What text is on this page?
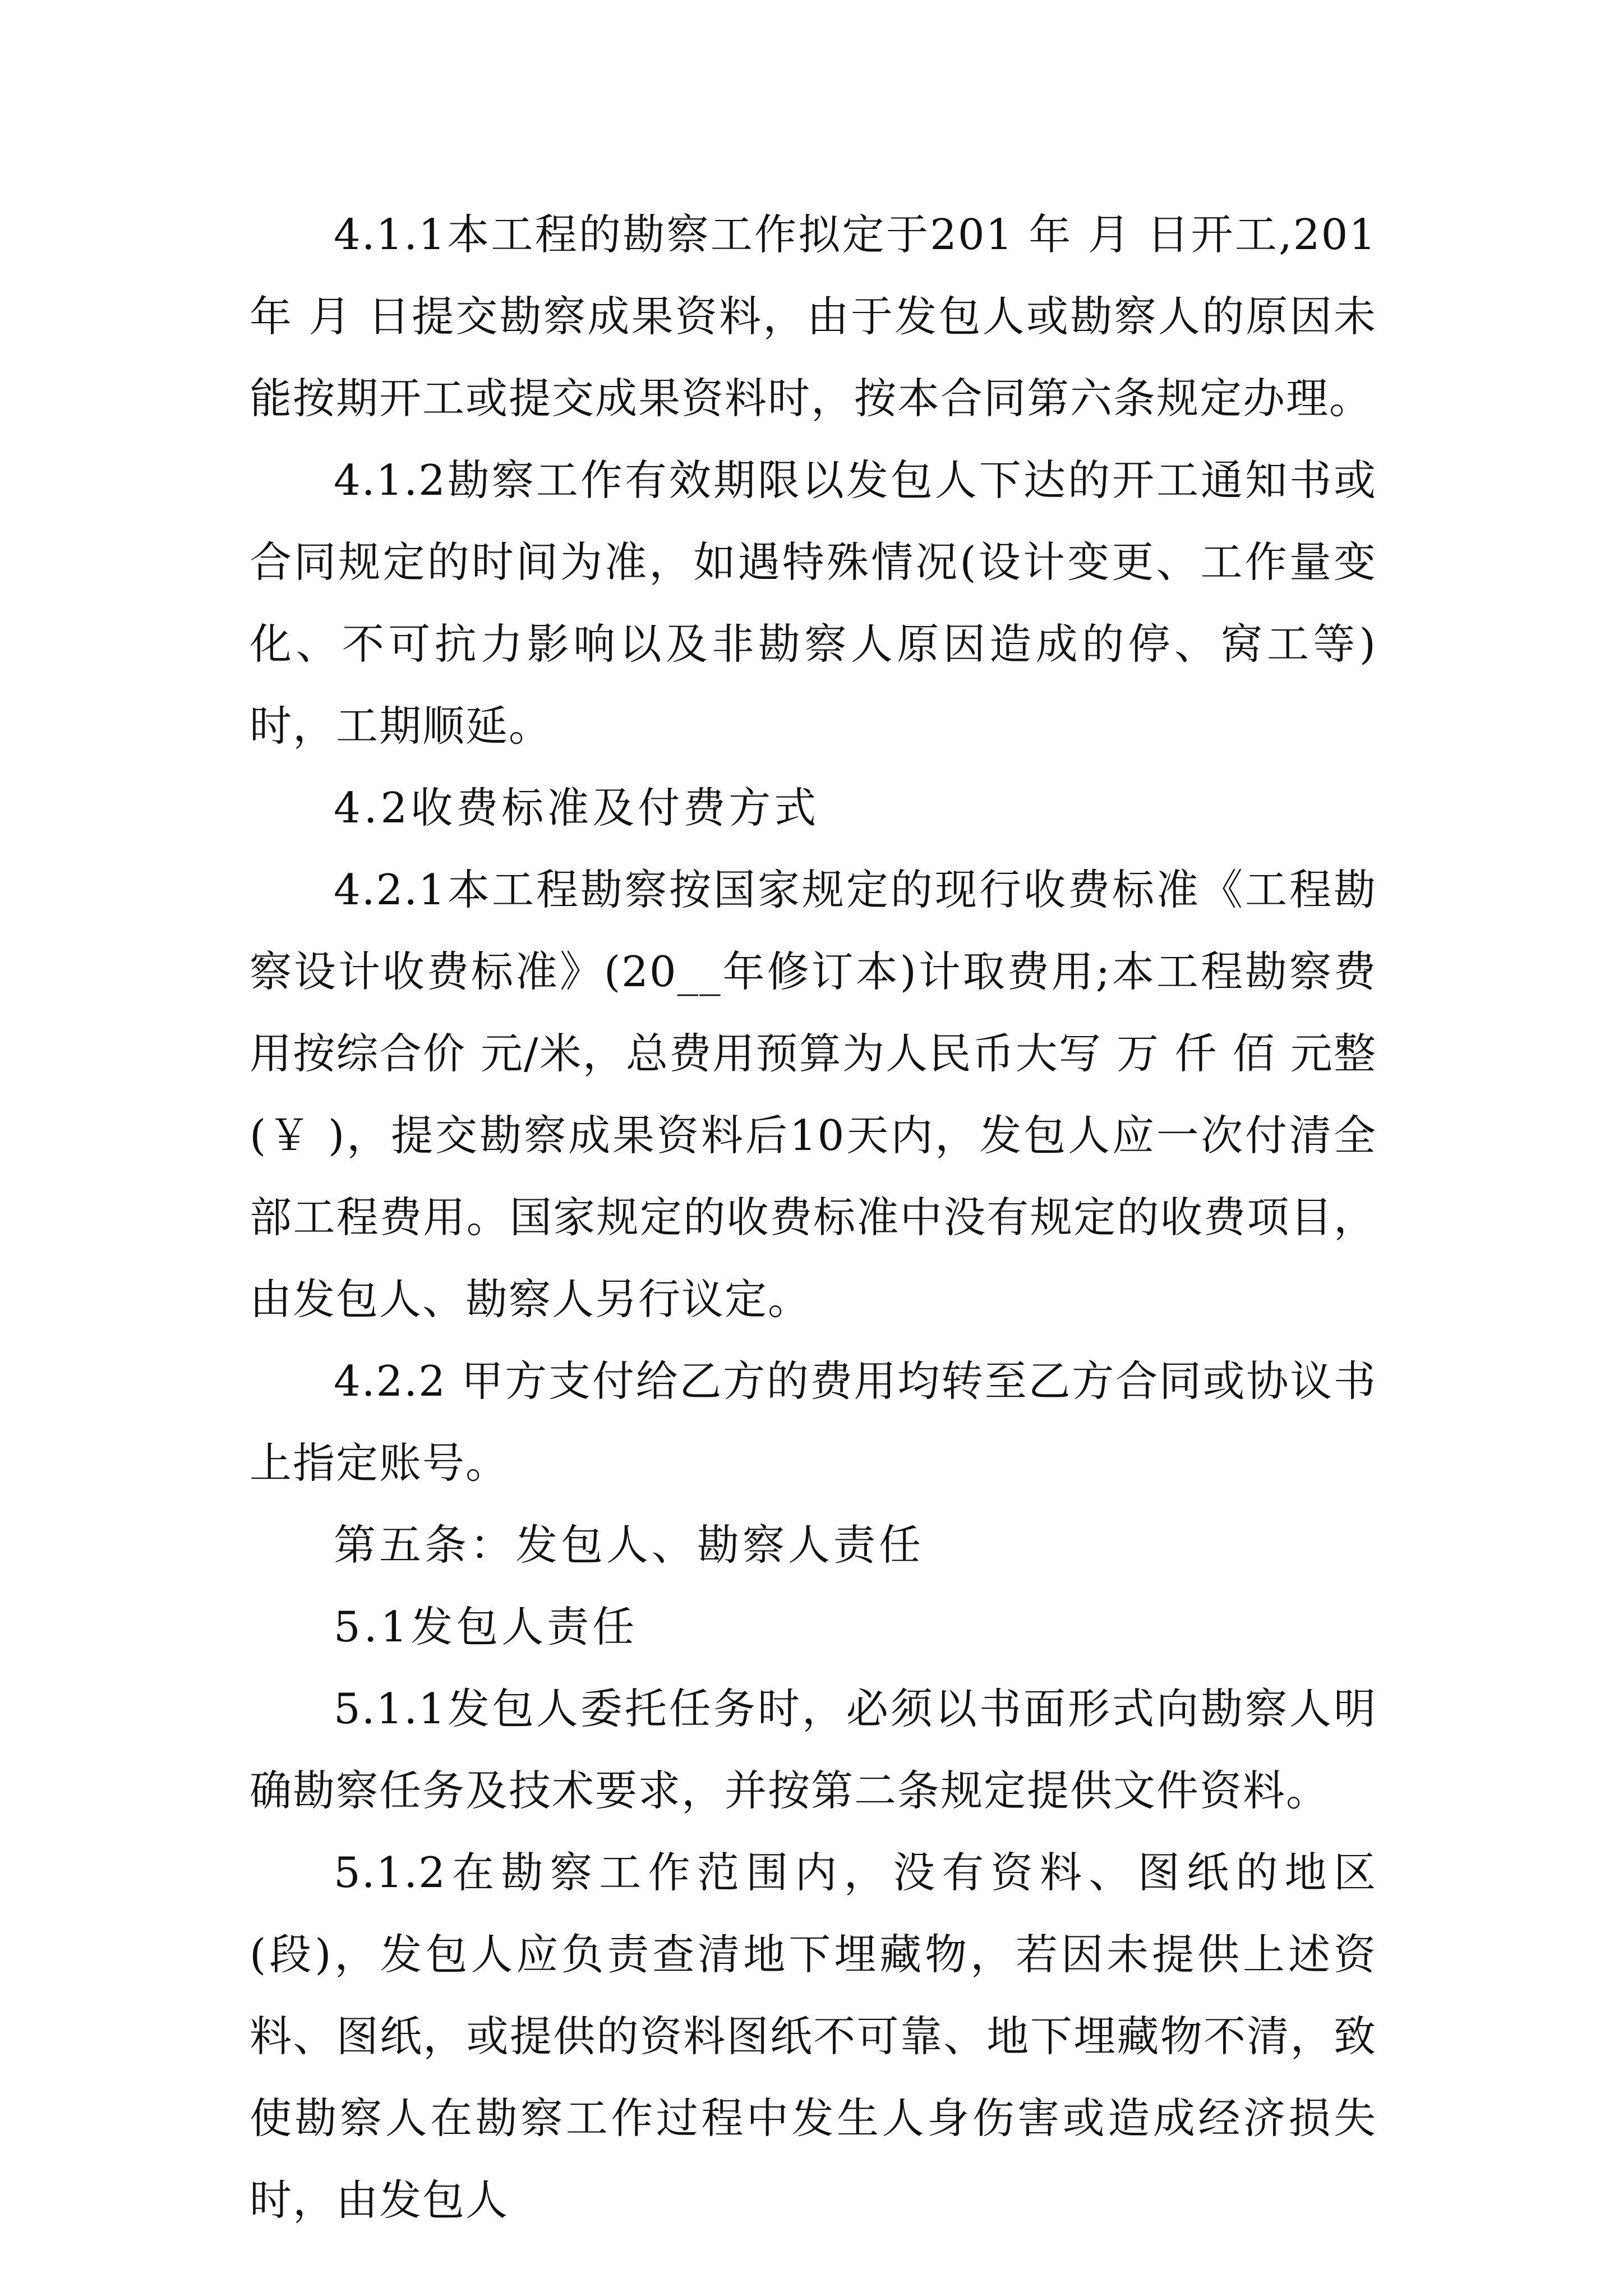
4.1.1本工程的勘察工作拟定于201 年 月 日开工,201年 月 日提交勘察成果资料，由于发包人或勘察人的原因未能按期开工或提交成果资料时，按本合同第六条规定办理。

4.1.2勘察工作有效期限以发包人下达的开工通知书或合同规定的时间为准，如遇特殊情况(设计变更、工作量变化、不可抗力影响以及非勘察人原因造成的停、窝工等)时，工期顺延。

4.2收费标准及付费方式

4.2.1本工程勘察按国家规定的现行收费标准《工程勘察设计收费标准》(20__年修订本)计取费用;本工程勘察费用按综合价 元/米，总费用预算为人民币大写 万 仟 佰 元整(￥ )，提交勘察成果资料后10天内，发包人应一次付清全部工程费用。国家规定的收费标准中没有规定的收费项目，由发包人、勘察人另行议定。

4.2.2 甲方支付给乙方的费用均转至乙方合同或协议书上指定账号。

第五条：发包人、勘察人责任

5.1发包人责任

5.1.1发包人委托任务时，必须以书面形式向勘察人明确勘察任务及技术要求，并按第二条规定提供文件资料。

5.1.2在勘察工作范围内，没有资料、图纸的地区(段)，发包人应负责查清地下埋藏物，若因未提供上述资料、图纸，或提供的资料图纸不可靠、地下埋藏物不清，致使勘察人在勘察工作过程中发生人身伤害或造成经济损失时，由发包人
